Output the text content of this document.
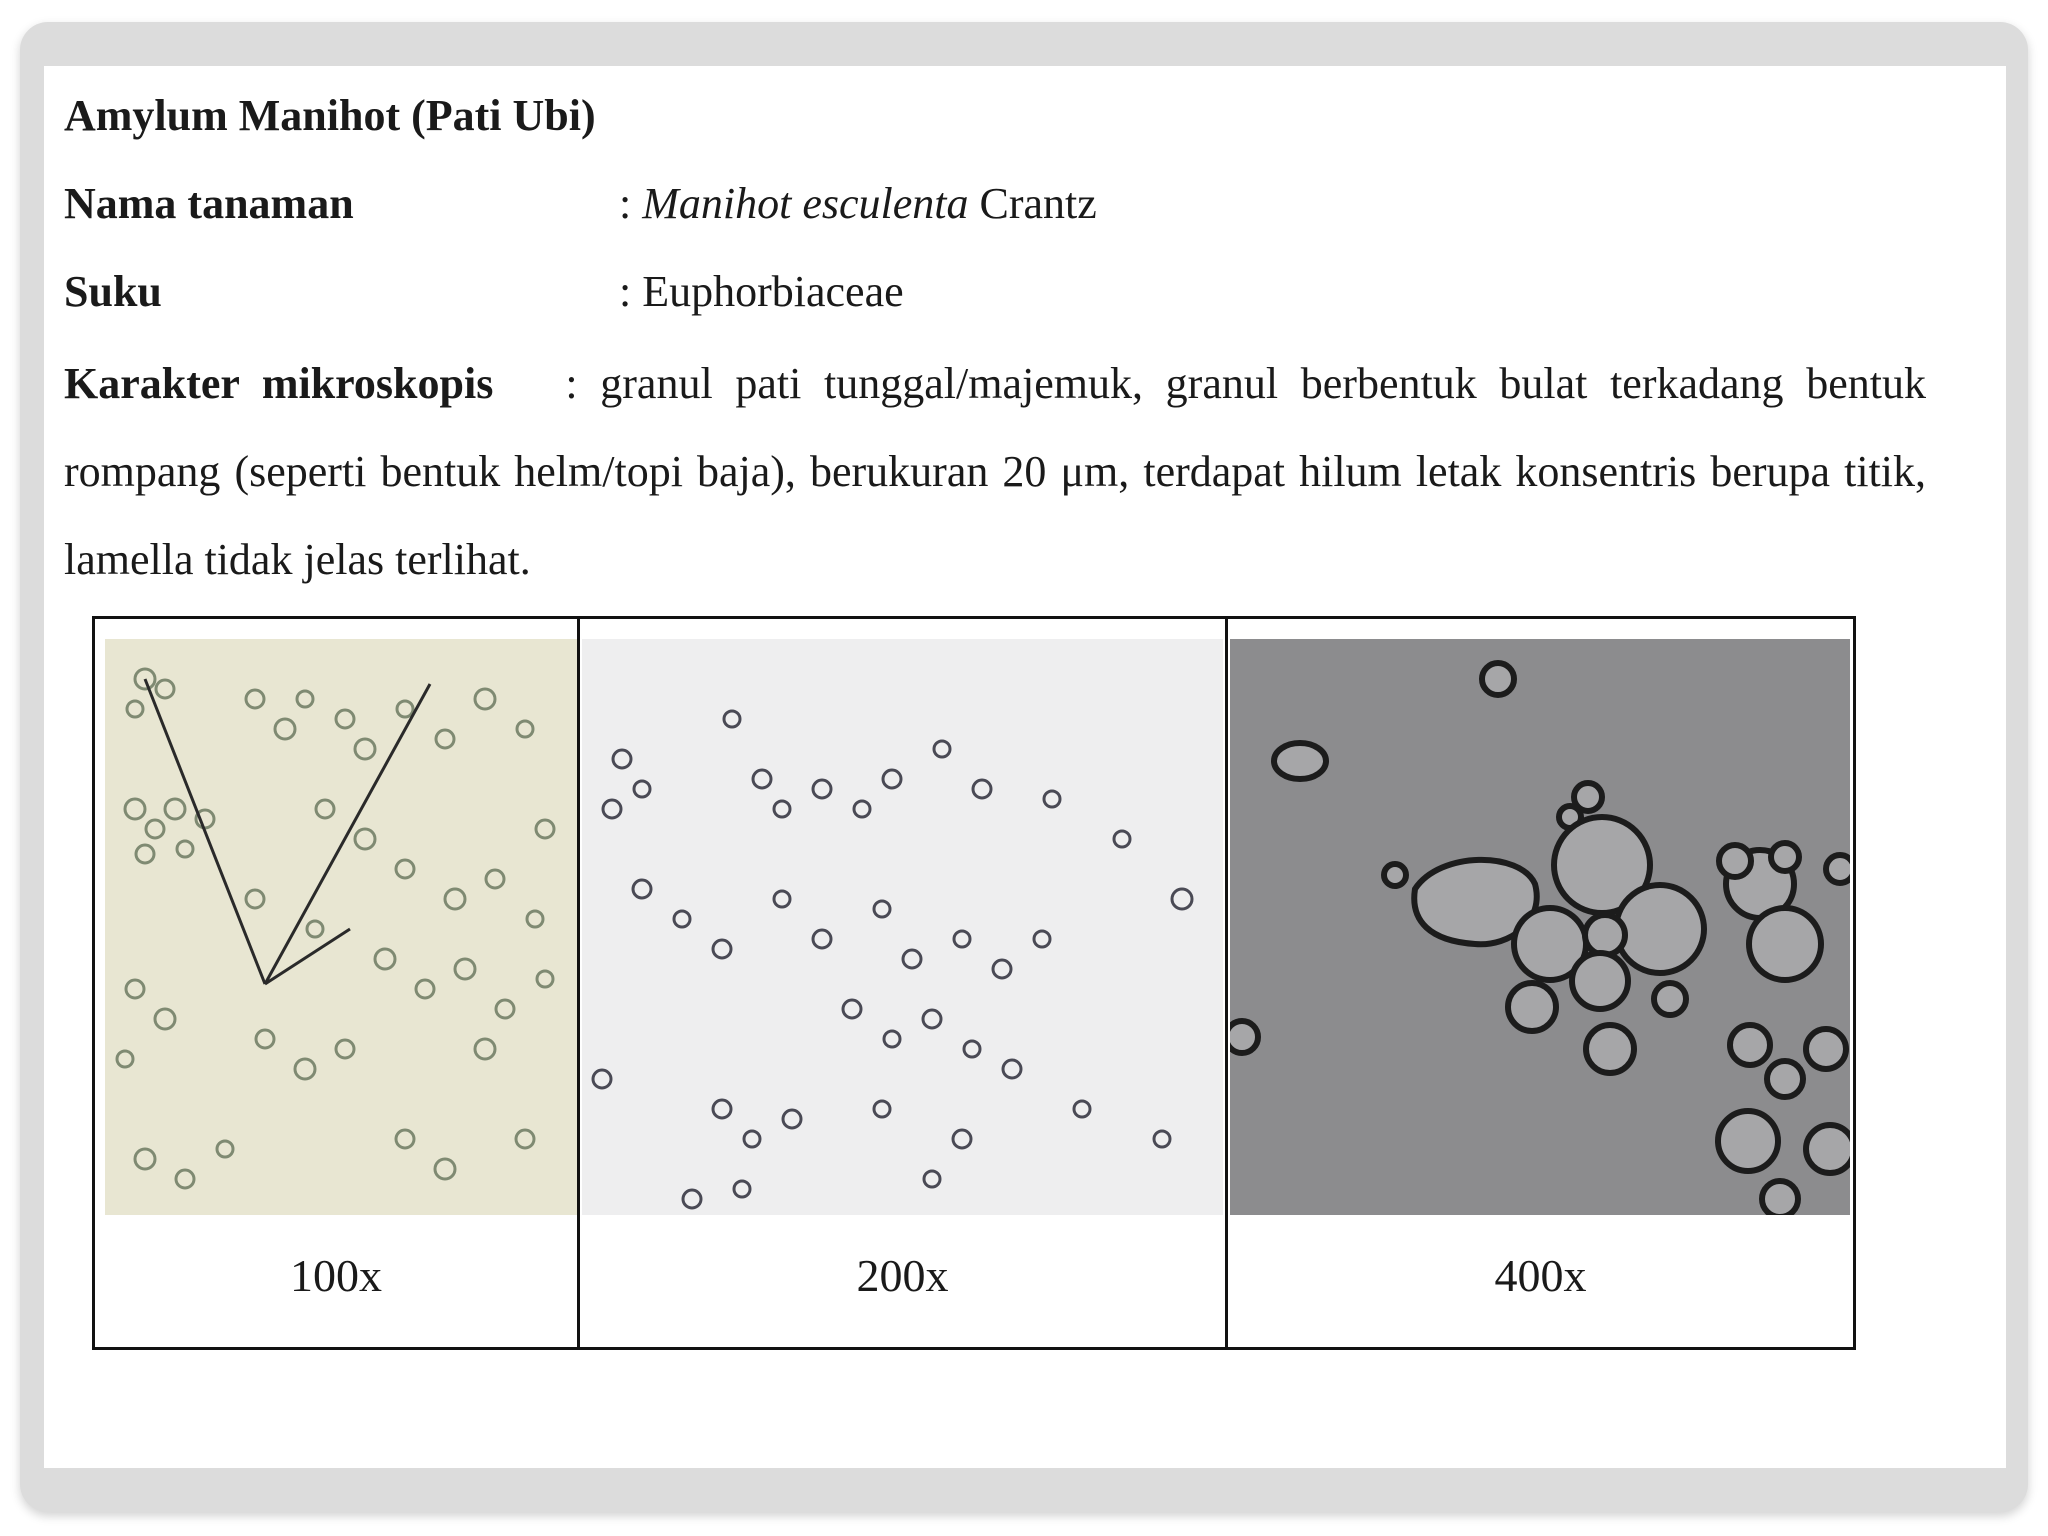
Amylum Manihot (Pati Ubi)
Nama tanaman	: Manihot esculenta Crantz
Suku	: Euphorbiaceae
Karakter mikroskopis : granul pati tunggal/majemuk, granul berbentuk bulat terkadang bentuk rompang (seperti bentuk helm/topi baja), berukuran 20 μm, terdapat hilum letak konsentris berupa titik, lamella tidak jelas terlihat.
100x	200x	400x
